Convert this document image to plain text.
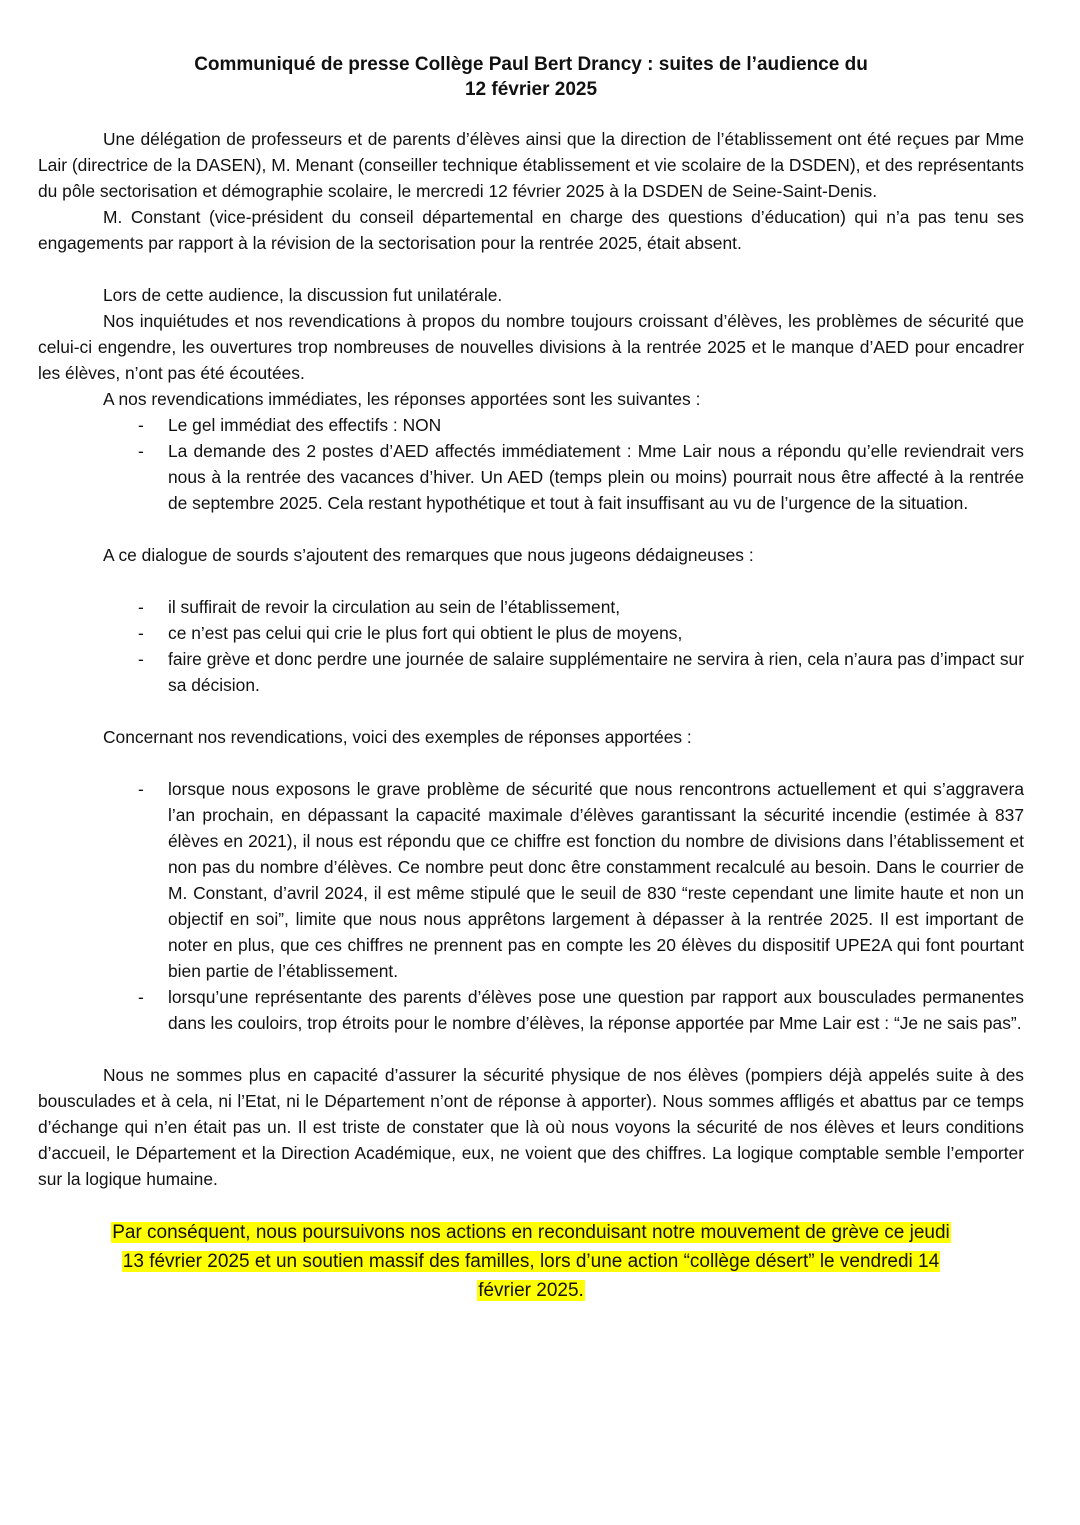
Communiqué de presse Collège Paul Bert Drancy : suites de l’audience du
12 février 2025

Une délégation de professeurs et de parents d’élèves ainsi que la direction de l’établissement ont été reçues par Mme Lair (directrice de la DASEN), M. Menant (conseiller technique établissement et vie scolaire de la DSDEN), et des représentants du pôle sectorisation et démographie scolaire, le mercredi 12 février 2025 à la DSDEN de Seine-Saint-Denis.

M. Constant (vice-président du conseil départemental en charge des questions d’éducation) qui n’a pas tenu ses engagements par rapport à la révision de la sectorisation pour la rentrée 2025, était absent.

Lors de cette audience, la discussion fut unilatérale.

Nos inquiétudes et nos revendications à propos du nombre toujours croissant d’élèves, les problèmes de sécurité que celui-ci engendre, les ouvertures trop nombreuses de nouvelles divisions à la rentrée 2025 et le manque d’AED pour encadrer les élèves, n’ont pas été écoutées.

A nos revendications immédiates, les réponses apportées sont les suivantes :

- Le gel immédiat des effectifs : NON
- La demande des 2 postes d’AED affectés immédiatement : Mme Lair nous a répondu qu’elle reviendrait vers nous à la rentrée des vacances d’hiver. Un AED (temps plein ou moins) pourrait nous être affecté à la rentrée de septembre 2025. Cela restant hypothétique et tout à fait insuffisant au vu de l’urgence de la situation.

A ce dialogue de sourds s’ajoutent des remarques que nous jugeons dédaigneuses :

- il suffirait de revoir la circulation au sein de l’établissement,
- ce n’est pas celui qui crie le plus fort qui obtient le plus de moyens,
- faire grève et donc perdre une journée de salaire supplémentaire ne servira à rien, cela n’aura pas d’impact sur sa décision.

Concernant nos revendications, voici des exemples de réponses apportées :

- lorsque nous exposons le grave problème de sécurité que nous rencontrons actuellement et qui s’aggravera l’an prochain, en dépassant la capacité maximale d’élèves garantissant la sécurité incendie (estimée à 837 élèves en 2021), il nous est répondu que ce chiffre est fonction du nombre de divisions dans l’établissement et non pas du nombre d’élèves. Ce nombre peut donc être constamment recalculé au besoin. Dans le courrier de M. Constant, d’avril 2024, il est même stipulé que le seuil de 830 “reste cependant une limite haute et non un objectif en soi”, limite que nous nous apprêtons largement à dépasser à la rentrée 2025. Il est important de noter en plus, que ces chiffres ne prennent pas en compte les 20 élèves du dispositif UPE2A qui font pourtant bien partie de l’établissement.
- lorsqu’une représentante des parents d’élèves pose une question par rapport aux bousculades permanentes dans les couloirs, trop étroits pour le nombre d’élèves, la réponse apportée par Mme Lair est : “Je ne sais pas”.

Nous ne sommes plus en capacité d’assurer la sécurité physique de nos élèves (pompiers déjà appelés suite à des bousculades et à cela, ni l’Etat, ni le Département n’ont de réponse à apporter). Nous sommes affligés et abattus par ce temps d’échange qui n’en était pas un. Il est triste de constater que là où nous voyons la sécurité de nos élèves et leurs conditions d’accueil, le Département et la Direction Académique, eux, ne voient que des chiffres. La logique comptable semble l’emporter sur la logique humaine.

Par conséquent, nous poursuivons nos actions en reconduisant notre mouvement de grève ce jeudi
13 février 2025 et un soutien massif des familles, lors d’une action “collège désert” le vendredi 14
février 2025.
